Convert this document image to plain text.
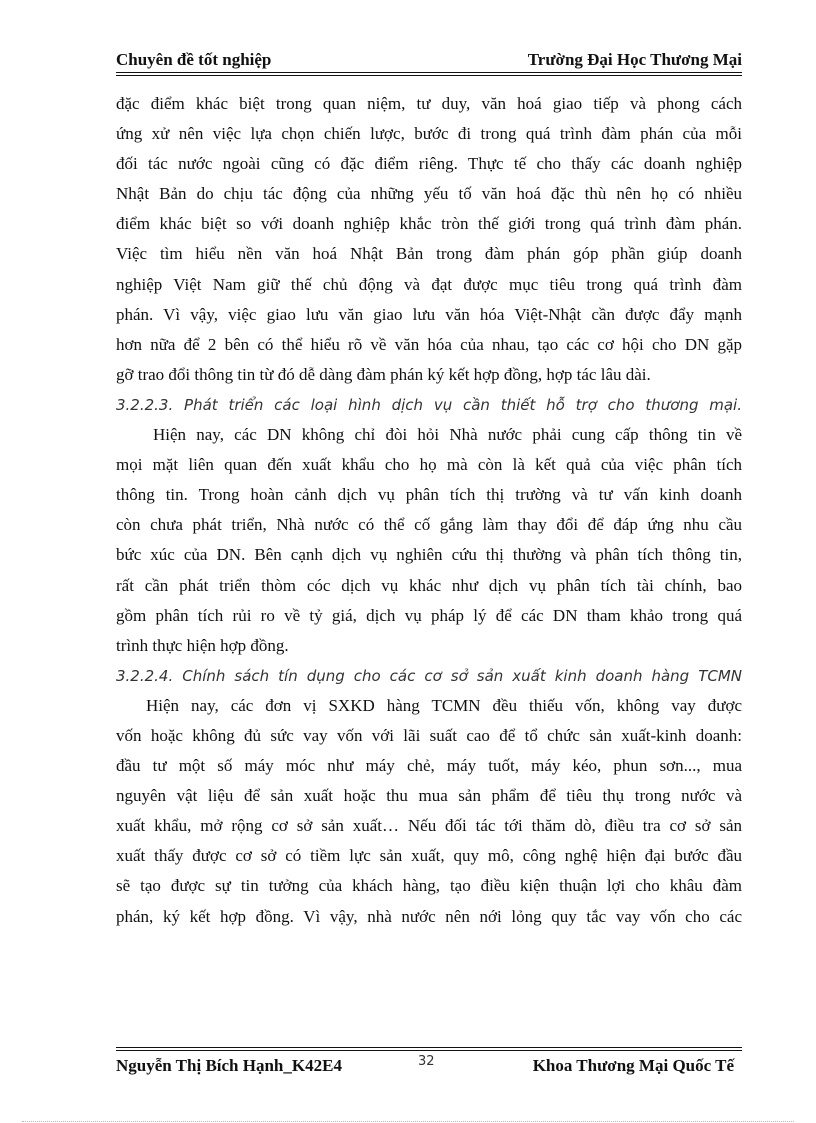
Chuyên đề tốt nghiệp	Trường Đại Học Thương Mại

đặc điểm khác biệt trong quan niệm, tư duy, văn hoá giao tiếp và phong cách

ứng xử nên việc lựa chọn chiến lược, bước đi trong quá trình đàm phán của mỗi

đối tác nước ngoài cũng có đặc điểm riêng. Thực tế cho thấy các doanh nghiệp

Nhật Bản do chịu tác động của những yếu tố văn hoá đặc thù nên họ có nhiều

điểm khác biệt so với doanh nghiệp khắc tròn thế giới trong quá trình đàm phán.

Việc tìm hiểu nền văn hoá Nhật Bản trong đàm phán góp phần giúp doanh

nghiệp Việt Nam giữ thế chủ động và đạt được mục tiêu trong quá trình đàm

phán. Vì vậy, việc giao lưu văn giao lưu văn hóa Việt-Nhật cần được đẩy mạnh

hơn nữa để 2 bên có thể hiểu rõ về văn hóa của nhau, tạo các cơ hội cho DN gặp

gỡ trao đổi thông tin từ đó dễ dàng đàm phán ký kết hợp đồng, hợp tác lâu dài.

3.2.2.3. Phát triển các loại hình dịch vụ cần thiết hỗ trợ cho thương mại.

Hiện nay, các DN không chỉ đòi hỏi Nhà nước phải cung cấp thông tin về

mọi mặt liên quan đến xuất khẩu cho họ mà còn là kết quả của việc phân tích

thông tin. Trong hoàn cảnh dịch vụ phân tích thị trường và tư vấn kinh doanh

còn chưa phát triển, Nhà nước có thể cố gắng làm thay đổi để đáp ứng nhu cầu

bức xúc của DN. Bên cạnh dịch vụ nghiên cứu thị thường và phân tích thông tin,

rất cần phát triển thòm cóc dịch vụ khác như dịch vụ phân tích tài chính, bao

gồm phân tích rủi ro về tỷ giá, dịch vụ pháp lý để các DN tham khảo trong quá

trình thực hiện hợp đồng.

3.2.2.4. Chính sách tín dụng cho các cơ sở sản xuất kinh doanh hàng TCMN

Hiện nay, các đơn vị SXKD hàng TCMN đều thiếu vốn, không vay được

vốn hoặc không đủ sức vay vốn với lãi suất cao để tổ chức sản xuất-kinh doanh:

đầu tư một số máy móc như máy chẻ, máy tuốt, máy kéo, phun sơn..., mua

nguyên vật liệu để sản xuất hoặc thu mua sản phẩm để tiêu thụ trong nước và

xuất khẩu, mở rộng cơ sở sản xuất… Nếu đối tác tới thăm dò, điều tra cơ sở sản

xuất thấy được cơ sở có tiềm lực sản xuất, quy mô, công nghệ hiện đại bước đầu

sẽ tạo được sự tin tưởng của khách hàng, tạo điều kiện thuận lợi cho khâu đàm

phán, ký kết hợp đồng. Vì vậy, nhà nước nên nới lỏng quy tắc vay vốn cho các

Nguyễn Thị Bích Hạnh_K42E4	32	Khoa Thương Mại Quốc Tế
